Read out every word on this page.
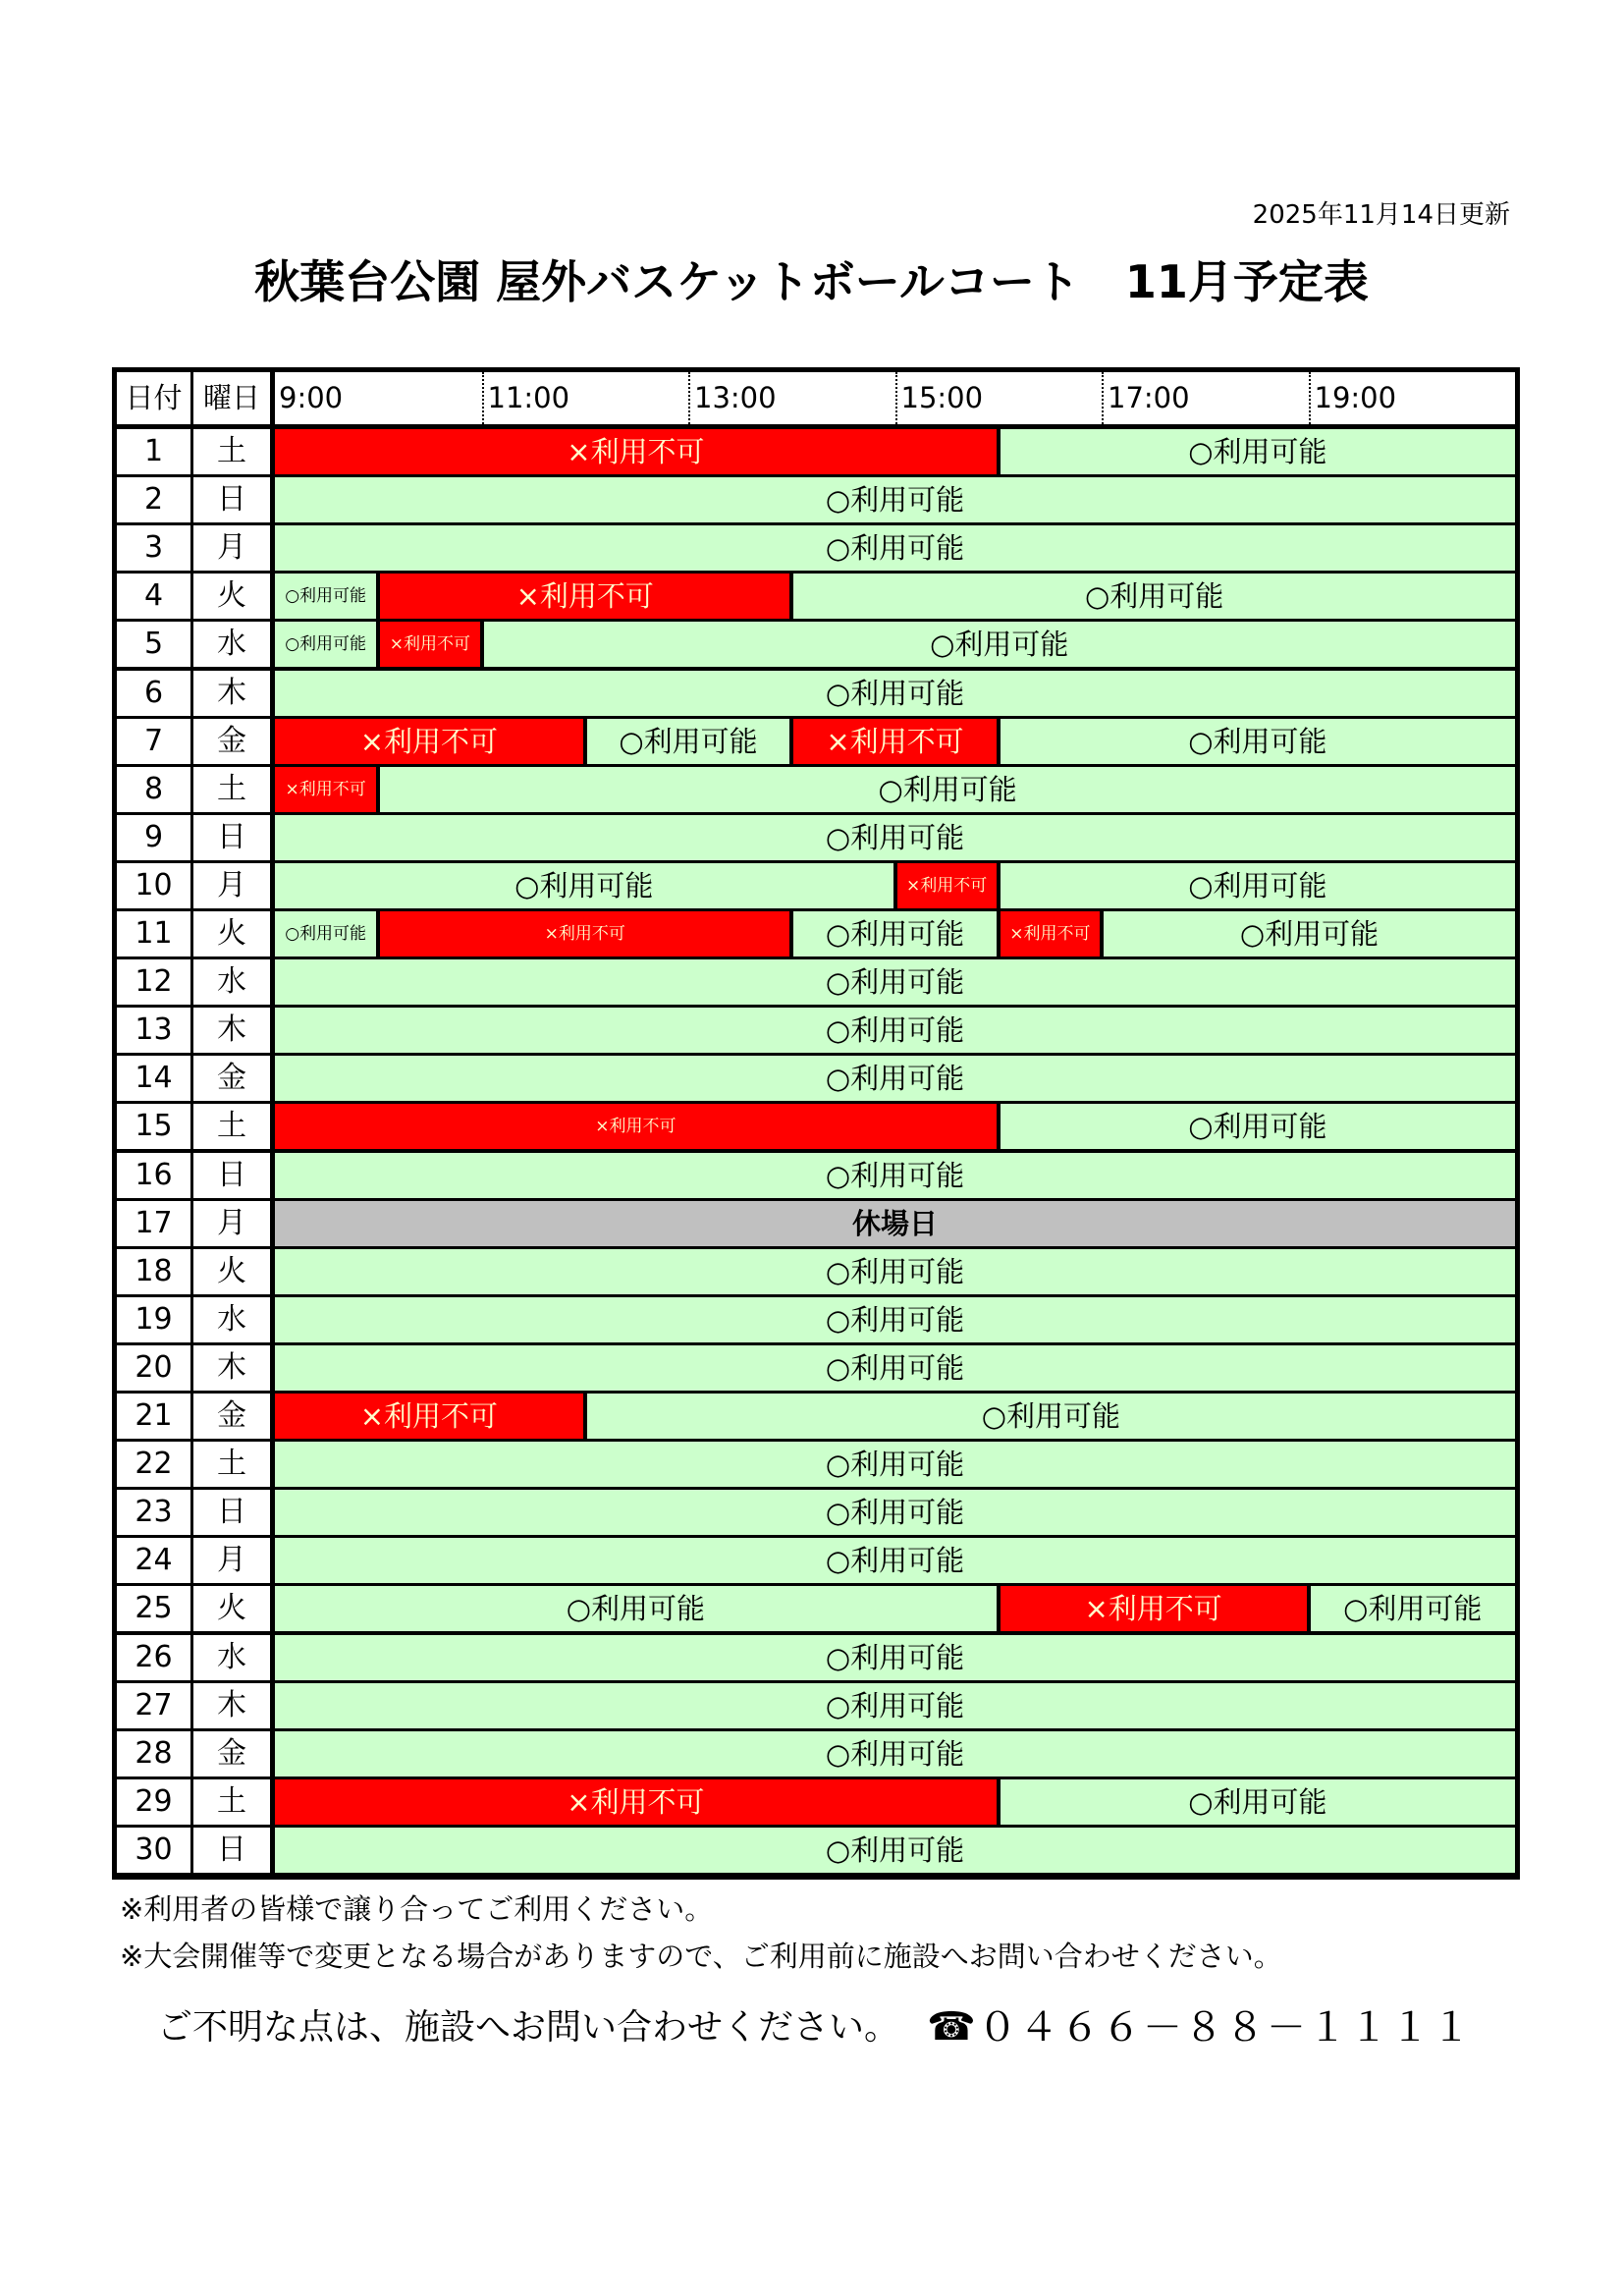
2025年11月14日更新
秋葉台公園 屋外バスケットボールコート　11月予定表
日付 曜日 9:00	11:00	13:00	15:00	17:00	19:00
1	土	×利用不可	○利用可能
2	日	○利用可能
3	月	○利用可能
4	火	○利用可能	×利用不可	○利用可能
5	水	○利用可能	×利用不可	○利用可能
6	木	○利用可能
7	金	×利用不可	○利用可能	×利用不可	○利用可能
8	土	×利用不可	○利用可能
9	日	○利用可能
10	月	○利用可能	×利用不可	○利用可能
11	火	○利用可能	×利用不可	○利用可能	×利用不可	○利用可能
12	水	○利用可能
13	木	○利用可能
14	金	○利用可能
15	土	×利用不可	○利用可能
16	日	○利用可能
17	月	休場日
18	火	○利用可能
19	水	○利用可能
20	木	○利用可能
21	金	×利用不可	○利用可能
22	土	○利用可能
23	日	○利用可能
24	月	○利用可能
25	火	○利用可能	×利用不可	○利用可能
26	水	○利用可能
27	木	○利用可能
28	金	○利用可能
29	土	×利用不可	○利用可能
30	日	○利用可能
※利用者の皆様で譲り合ってご利用ください。
※大会開催等で変更となる場合がありますので、ご利用前に施設へお問い合わせください。
ご不明な点は、施設へお問い合わせください。
☎ ０４６６－８８－１１１１
